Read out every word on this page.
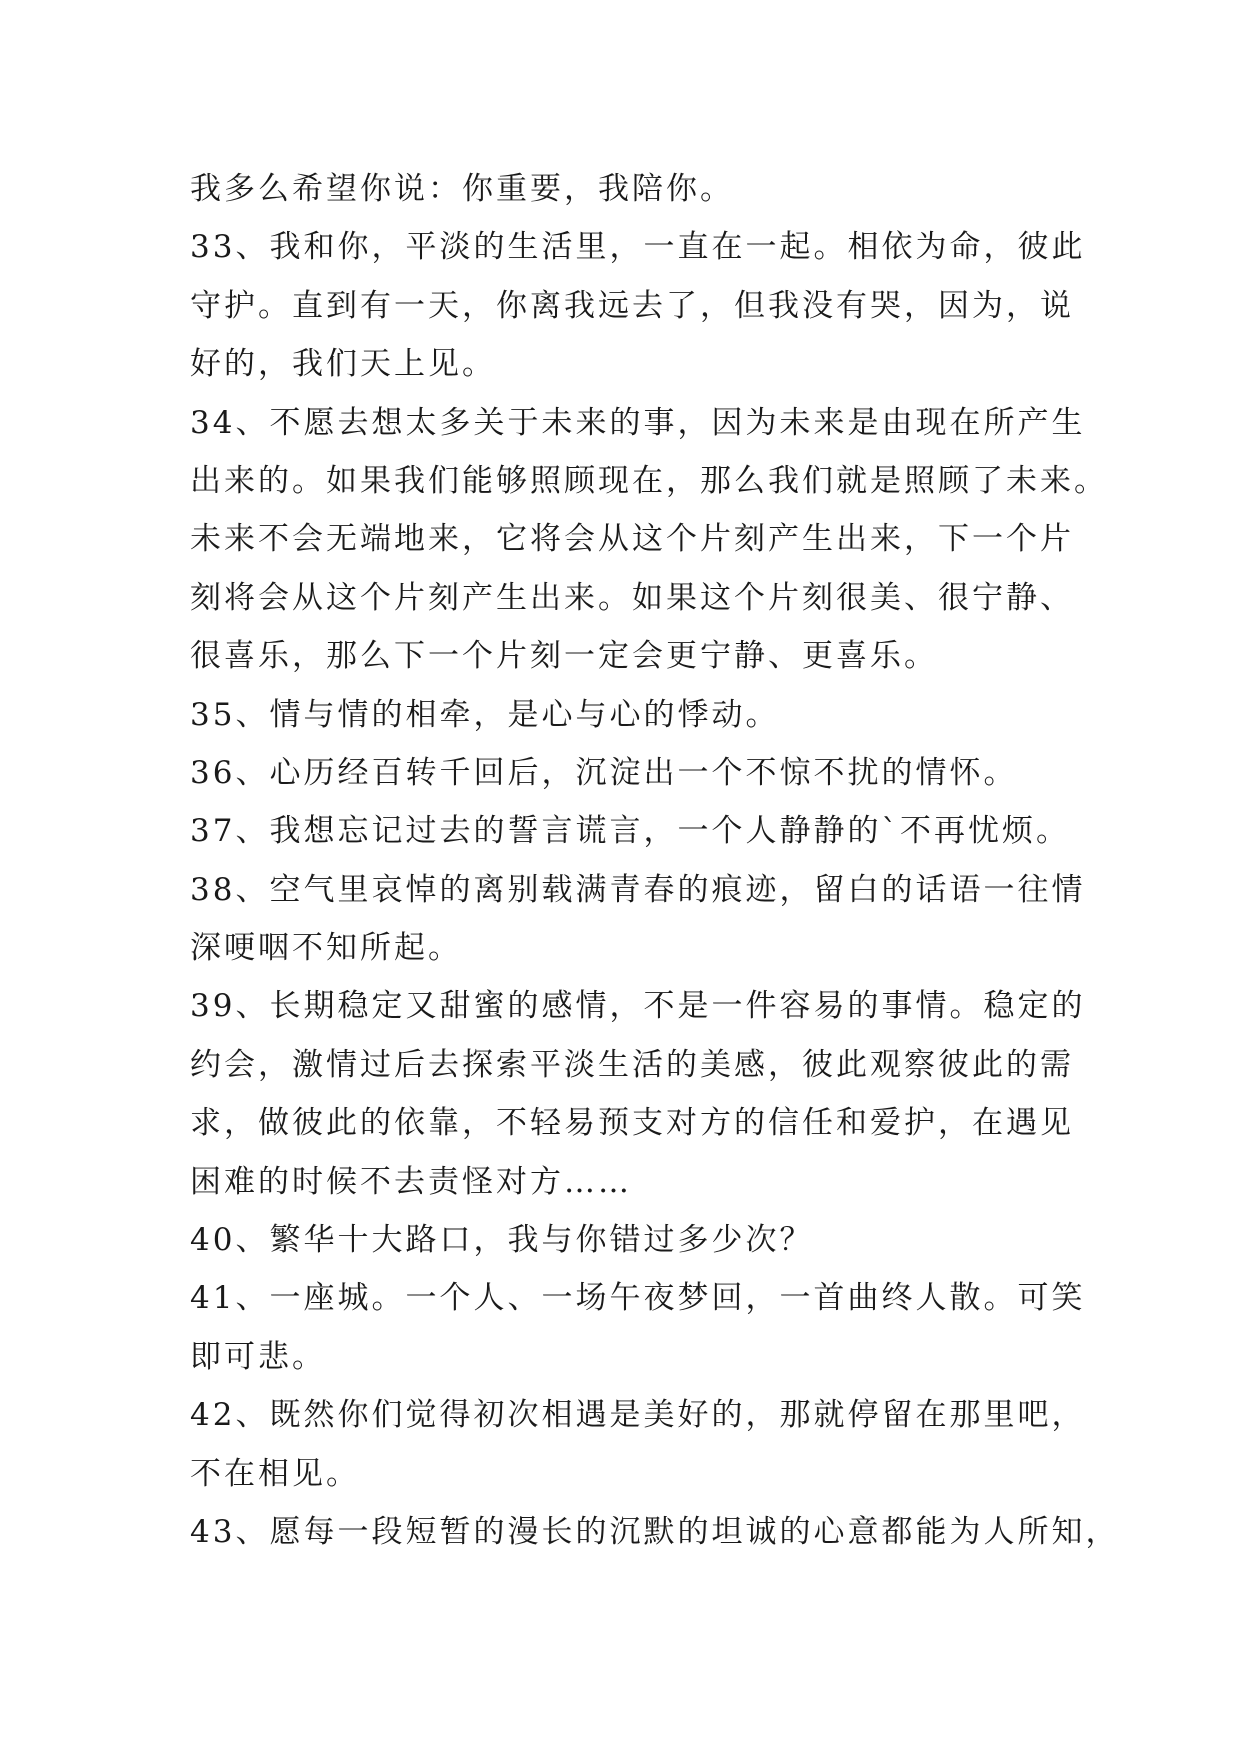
我多么希望你说：你重要，我陪你。
33、我和你，平淡的生活里，一直在一起。相依为命，彼此
守护。直到有一天，你离我远去了，但我没有哭，因为，说
好的，我们天上见。
34、不愿去想太多关于未来的事，因为未来是由现在所产生
出来的。如果我们能够照顾现在，那么我们就是照顾了未来。
未来不会无端地来，它将会从这个片刻产生出来，下一个片
刻将会从这个片刻产生出来。如果这个片刻很美、很宁静、
很喜乐，那么下一个片刻一定会更宁静、更喜乐。
35、情与情的相牵，是心与心的悸动。
36、心历经百转千回后，沉淀出一个不惊不扰的情怀。
37、我想忘记过去的誓言谎言，一个人静静的`不再忧烦。
38、空气里哀悼的离别载满青春的痕迹，留白的话语一往情
深哽咽不知所起。
39、长期稳定又甜蜜的感情，不是一件容易的事情。稳定的
约会，激情过后去探索平淡生活的美感，彼此观察彼此的需
求，做彼此的依靠，不轻易预支对方的信任和爱护，在遇见
困难的时候不去责怪对方……
40、繁华十大路口，我与你错过多少次？
41、一座城。一个人、一场午夜梦回，一首曲终人散。可笑
即可悲。
42、既然你们觉得初次相遇是美好的，那就停留在那里吧，
不在相见。
43、愿每一段短暂的漫长的沉默的坦诚的心意都能为人所知，
